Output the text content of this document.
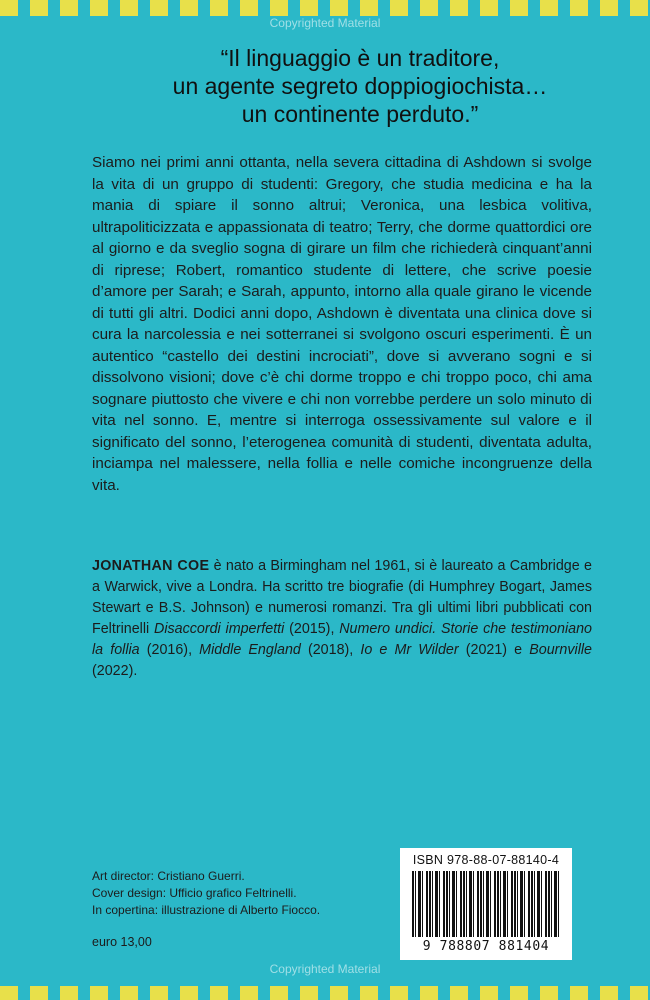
Copyrighted Material
“Il linguaggio è un traditore,
un agente segreto doppiogiochista…
un continente perduto.”

Siamo nei primi anni ottanta, nella severa cittadina di Ashdown si svolge la vita di un gruppo di studenti: Gregory, che studia medicina e ha la mania di spiare il sonno altrui; Veronica, una lesbica volitiva, ultrapoliticizzata e appassionata di teatro; Terry, che dorme quattordici ore al giorno e da sveglio sogna di girare un film che richiederà cinquant’anni di riprese; Robert, romantico studente di lettere, che scrive poesie d’amore per Sarah; e Sarah, appunto, intorno alla quale girano le vicende di tutti gli altri. Dodici anni dopo, Ashdown è diventata una clinica dove si cura la narcolessia e nei sotterranei si svolgono oscuri esperimenti. È un autentico “castello dei destini incrociati”, dove si avverano sogni e si dissolvono visioni; dove c’è chi dorme troppo e chi troppo poco, chi ama sognare piuttosto che vivere e chi non vorrebbe perdere un solo minuto di vita nel sonno. E, mentre si interroga ossessivamente sul valore e il significato del sonno, l’eterogenea comunità di studenti, diventata adulta, inciampa nel malessere, nella follia e nelle comiche incongruenze della vita.

JONATHAN COE è nato a Birmingham nel 1961, si è laureato a Cambridge e a Warwick, vive a Londra. Ha scritto tre biografie (di Humphrey Bogart, James Stewart e B.S. Johnson) e numerosi romanzi. Tra gli ultimi libri pubblicati con Feltrinelli Disaccordi imperfetti (2015), Numero undici. Storie che testimoniano la follia (2016), Middle England (2018), Io e Mr Wilder (2021) e Bournville (2022).

Art director: Cristiano Guerri.
Cover design: Ufficio grafico Feltrinelli.
In copertina: illustrazione di Alberto Fiocco.
euro 13,00
ISBN 978-88-07-88140-4
9 788807 881404
Copyrighted Material
